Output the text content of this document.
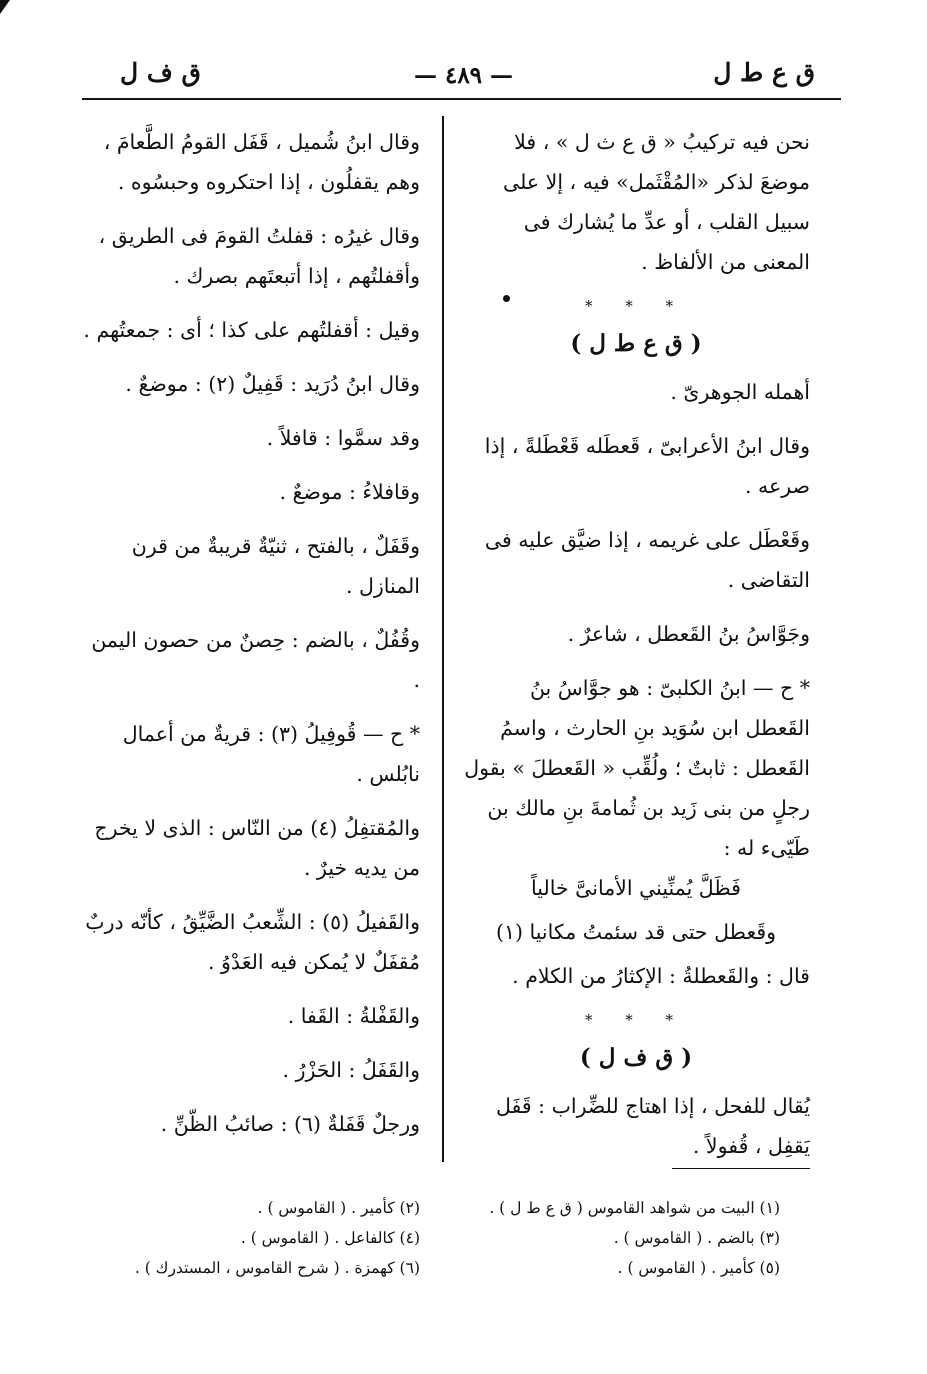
ق ع ط ل
— ٤٨٩ —
ق ف ل

نحن فيه تركيبُ « ق ع ث ل » ، فلا موضعَ لذكر «المُقْثَمل» فيه ، إلا على سبيل القلب ، أو عدِّ ما يُشارك فى المعنى من الألفاظ .

* * *

( ق ع ط ل )

أهمله الجوهرىّ .

وقال ابنُ الأعرابىّ ، قَعطَله قَعْطَلةً ، إذا صرعه .

وقَعْطَل على غريمه ، إذا ضيَّق عليه فى التقاضى .

وجَوَّاسُ بنُ القَعطل ، شاعرٌ .

* ح — ابنُ الكلبىّ : هو جوَّاسُ بنُ القَعطل ابن سُوَيد بنِ الحارث ، واسمُ القَعطل : ثابتٌ ؛ ولُقِّب « القَعطلَ » بقول رجلٍ من بنى زَيد بن ثُمامةَ بنِ مالك بن طَيّىء له :

فَظَلَّ يُمنِّيني الأمانىَّ خالياً

وقَعطل حتى قد سئمتُ مكانيا (١)

قال : والقَعطلةُ : الإكثارُ من الكلام .

* * *

( ق ف ل )

يُقال للفحل ، إذا اهتاج للضِّراب : قَفَل يَقفِل ، قُفولاً .

وقال ابنُ شُميل ، قَفَل القومُ الطَّعامَ ، وهم يقفلُون ، إذا احتكروه وحبسُوه .

وقال غيرُه : قفلتُ القومَ فى الطريق ، وأقفلتُهم ، إذا أتبعتَهم بصرك .

وقيل : أقفلتُهم على كذا ؛ أى : جمعتُهم .

وقال ابنُ دُرَيد : قَفِيلٌ (٢) : موضعٌ .

وقد سمَّوا : قافلاً .

وقافلاءُ : موضعٌ .

وقَفَلٌ ، بالفتح ، ثنيّةٌ قريبةٌ من قرن المنازل .

وقُفُلٌ ، بالضم : حِصنٌ من حصون اليمن .

* ح — قُوفِيلُ (٣) : قريةٌ من أعمال نابُلس .

والمُقتفِلُ (٤) من النّاس : الذى لا يخرج من يديه خيرٌ .

والقَفيلُ (٥) : الشِّعبُ الضَّيِّقُ ، كأنّه دربٌ مُقفَلٌ لا يُمكن فيه العَدْوُ .

والقَفْلةُ : القَفا .

والقَفَلُ : الحَزْرُ .

ورجلٌ قَفَلةٌ (٦) : صائبُ الظّنِّ .

(١) البيت من شواهد القاموس ( ق ع ط ل ) .
(٣) بالضم . ( القاموس ) .
(٥) كأمير . ( القاموس ) .
(٢) كأمير . ( القاموس ) .
(٤) كالفاعل . ( القاموس ) .
(٦) كهمزة . ( شرح القاموس ، المستدرك ) .
